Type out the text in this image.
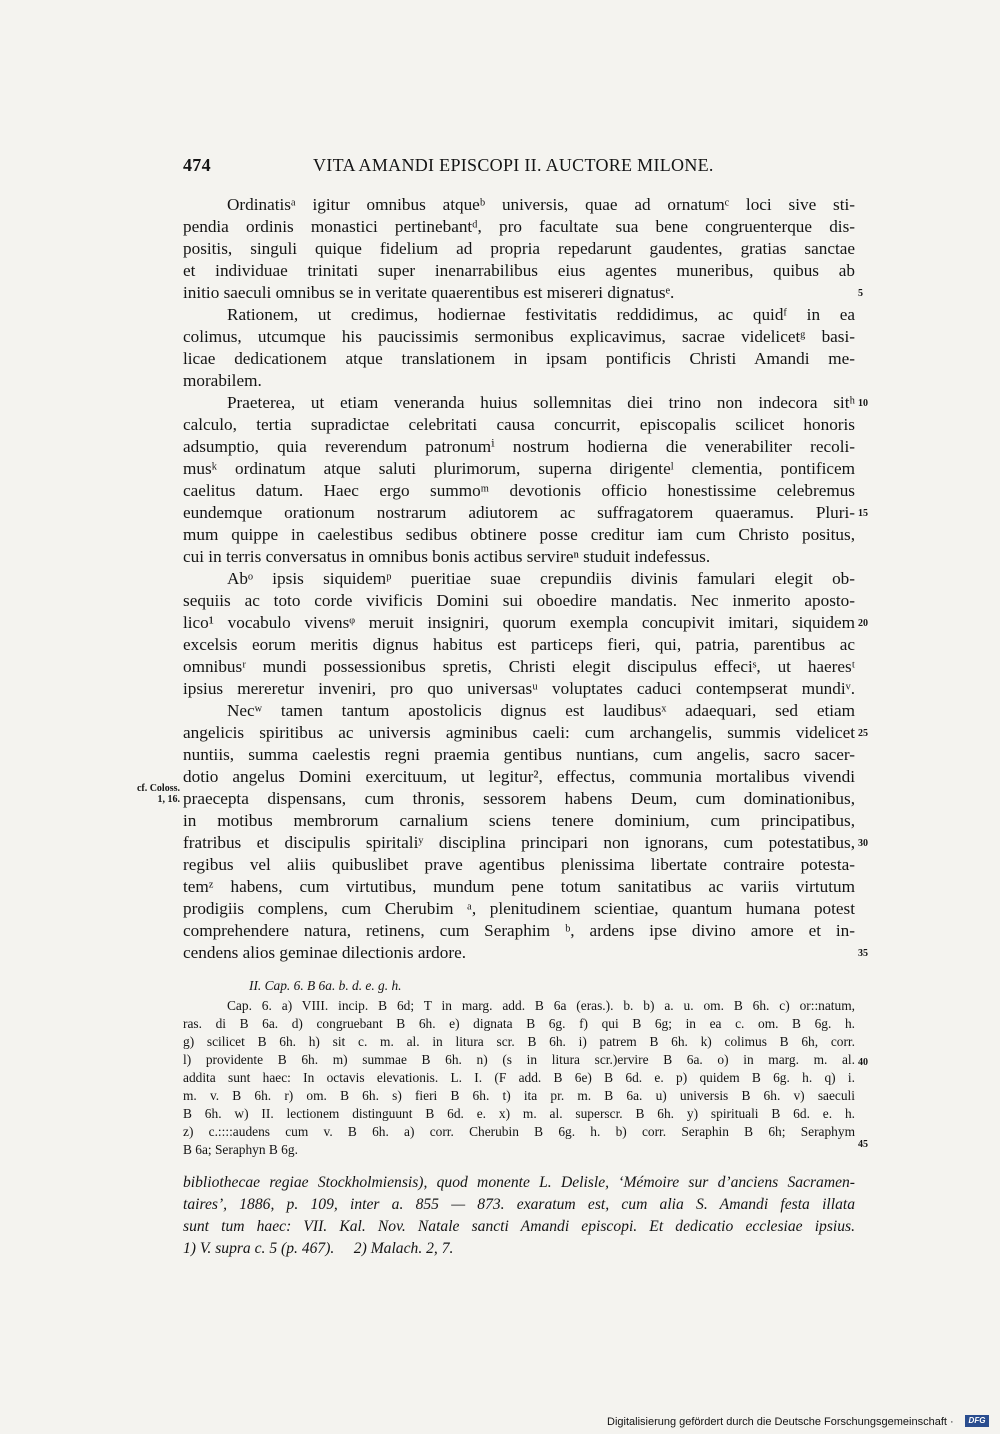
474	VITA AMANDI EPISCOPI II. AUCTORE MILONE.
Ordinatisᵃ igitur omnibus atqueᵇ universis, quae ad ornatumᶜ loci sive sti-
pendia ordinis monastici pertinebantᵈ, pro facultate sua bene congruenterque dis-
positis, singuli quique fidelium ad propria repedarunt gaudentes, gratias sanctae
et individuae trinitati super inenarrabilibus eius agentes muneribus, quibus ab
initio saeculi omnibus se in veritate quaerentibus est misereri dignatusᵉ.
Rationem, ut credimus, hodiernae festivitatis reddidimus, ac quidᶠ in ea
colimus, utcumque his paucissimis sermonibus explicavimus, sacrae videlicetᵍ basi-
licae dedicationem atque translationem in ipsam pontificis Christi Amandi me-
morabilem.
Praeterea, ut etiam veneranda huius sollemnitas diei trino non indecora sitʰ
calculo, tertia supradictae celebritati causa concurrit, episcopalis scilicet honoris
adsumptio, quia reverendum patronumⁱ nostrum hodierna die venerabiliter recoli-
musᵏ ordinatum atque saluti plurimorum, superna dirigenteˡ clementia, pontificem
caelitus datum. Haec ergo summoᵐ devotionis officio honestissime celebremus
eundemque orationum nostrarum adiutorem ac suffragatorem quaeramus. Pluri-
mum quippe in caelestibus sedibus obtinere posse creditur iam cum Christo positus,
cui in terris conversatus in omnibus bonis actibus servireⁿ studuit indefessus.
Abᵒ ipsis siquidemᵖ pueritiae suae crepundiis divinis famulari elegit ob-
sequiis ac toto corde vivificis Domini sui oboedire mandatis. Nec inmerito aposto-
lico¹ vocabulo vivensᵠ meruit insigniri, quorum exempla concupivit imitari, siquidem
excelsis eorum meritis dignus habitus est particeps fieri, qui, patria, parentibus ac
omnibusʳ mundi possessionibus spretis, Christi elegit discipulus effeciˢ, ut haeresᵗ
ipsius mereretur inveniri, pro quo universasᵘ voluptates caduci contempserat mundiᵛ.
Necʷ tamen tantum apostolicis dignus est laudibusˣ adaequari, sed etiam
angelicis spiritibus ac universis agminibus caeli: cum archangelis, summis videlicet
nuntiis, summa caelestis regni praemia gentibus nuntians, cum angelis, sacro sacer-
dotio angelus Domini exercituum, ut legitur², effectus, communia mortalibus vivendi
praecepta dispensans, cum thronis, sessorem habens Deum, cum dominationibus,
in motibus membrorum carnalium sciens tenere dominium, cum principatibus,
fratribus et discipulis spiritaliʸ disciplina principari non ignorans, cum potestatibus,
regibus vel aliis quibuslibet prave agentibus plenissima libertate contraire potesta-
temᶻ habens, cum virtutibus, mundum pene totum sanitatibus ac variis virtutum
prodigiis complens, cum Cherubim ᵃ, plenitudinem scientiae, quantum humana potest
comprehendere natura, retinens, cum Seraphim ᵇ, ardens ipse divino amore et in-
cendens alios geminae dilectionis ardore.
5
10
15
20
25
30
35
40
cf. Coloss.
1, 16.
II. Cap. 6. B 6a. b. d. e. g. h.
Cap. 6. a) VIII. incip. B 6d; T in marg. add. B 6a (eras.). b. b) a. u. om. B 6h. c) or::natum,
ras. di B 6a. d) congruebant B 6h. e) dignata B 6g. f) qui B 6g; in ea c. om. B 6g. h.
g) scilicet B 6h. h) sit c. m. al. in litura scr. B 6h. i) patrem B 6h. k) colimus B 6h, corr.
l) providente B 6h. m) summae B 6h. n) (s in litura scr.)ervire B 6a. o) in marg. m. al.
addita sunt haec: In octavis elevationis. L. I. (F add. B 6e) B 6d. e. p) quidem B 6g. h. q) i.
m. v. B 6h. r) om. B 6h. s) fieri B 6h. t) ita pr. m. B 6a. u) universis B 6h. v) saeculi
B 6h. w) II. lectionem distinguunt B 6d. e. x) m. al. superscr. B 6h. y) spirituali B 6d. e. h.
z) c.::::audens cum v. B 6h. a) corr. Cherubin B 6g. h. b) corr. Seraphin B 6h; Seraphym
B 6a; Seraphyn B 6g.	45
bibliothecae regiae Stockholmiensis), quod monente L. Delisle, ‘Mémoire sur d’anciens Sacramen-
taires’, 1886, p. 109, inter a. 855 — 873. exaratum est, cum alia S. Amandi festa illata
sunt tum haec: VII. Kal. Nov. Natale sancti Amandi episcopi. Et dedicatio ecclesiae ipsius.
1) V. supra c. 5 (p. 467).     2) Malach. 2, 7.
Digitalisierung gefördert durch die Deutsche Forschungsgemeinschaft ·	DFG
